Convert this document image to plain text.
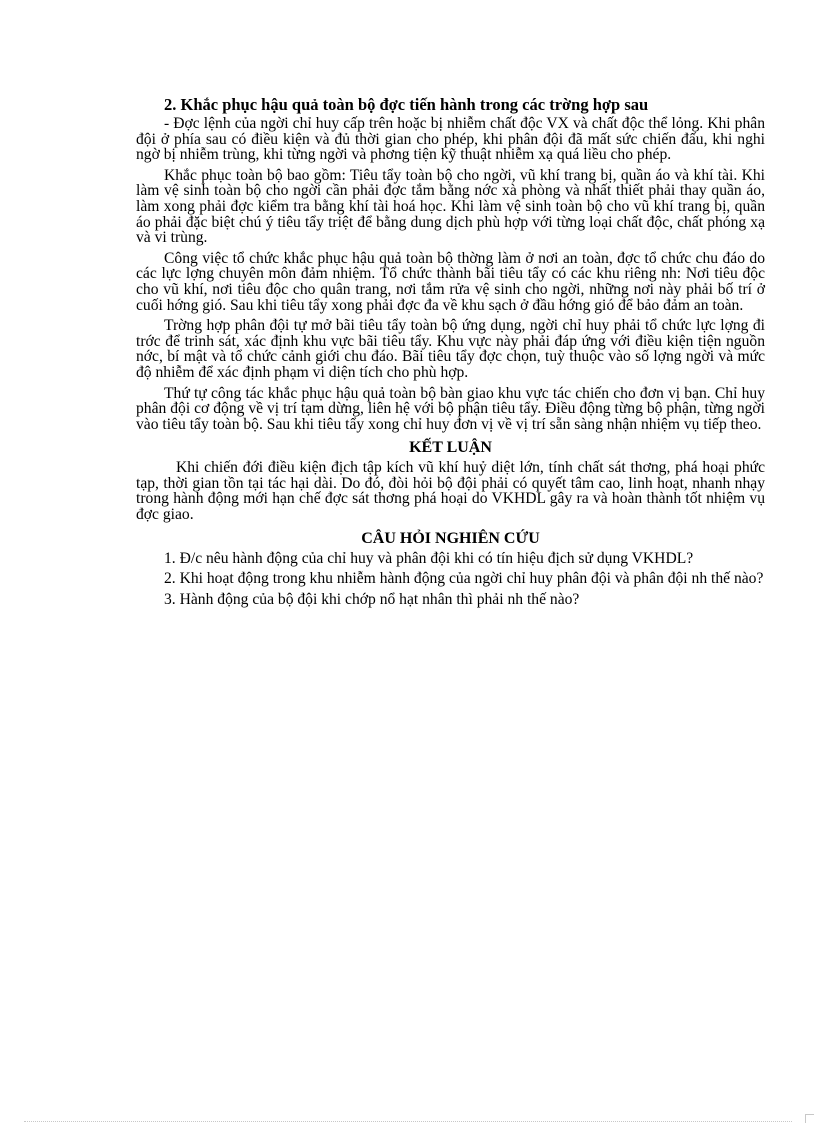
2. Khắc phục hậu quả toàn bộ đợc tiến hành trong các trờng hợp sau

- Đợc lệnh của ngời chỉ huy cấp trên hoặc bị nhiễm chất độc VX và chất độc thể lỏng. Khi phân đội ở phía sau có điều kiện và đủ thời gian cho phép, khi phân đội đã mất sức chiến đấu, khi nghi ngờ bị nhiễm trùng, khi từng ngời và phơng tiện kỹ thuật nhiễm xạ quá liều cho phép.

Khắc phục toàn bộ bao gồm: Tiêu tẩy toàn bộ cho ngời, vũ khí trang bị, quần áo và khí tài. Khi làm vệ sinh toàn bộ cho ngời cần phải đợc tắm bằng nớc xà phòng và nhất thiết phải thay quần áo, làm xong phải đợc kiểm tra bằng khí tài hoá học. Khi làm vệ sinh toàn bộ cho vũ khí trang bị, quần áo phải đặc biệt chú ý tiêu tẩy triệt để bằng dung dịch phù hợp với từng loại chất độc, chất phóng xạ và vi trùng.

Công việc tổ chức khắc phục hậu quả toàn bộ thờng làm ở nơi an toàn, đợc tổ chức chu đáo do các lực lợng chuyên môn đảm nhiệm. Tổ chức thành bãi tiêu tẩy có các khu riêng nh: Nơi tiêu độc cho vũ khí, nơi tiêu độc cho quân trang, nơi tắm rửa vệ sinh cho ngời, những nơi này phải bố trí ở cuối hớng gió. Sau khi tiêu tẩy xong phải đợc đa về khu sạch ở đầu hớng gió để bảo đảm an toàn.

Trờng hợp phân đội tự mở bãi tiêu tẩy toàn bộ ứng dụng, ngời chỉ huy phải tổ chức lực lợng đi trớc để trinh sát, xác định khu vực bãi tiêu tẩy. Khu vực này phải đáp ứng với điều kiện tiện nguồn nớc, bí mật và tổ chức cảnh giới chu đáo. Bãi tiêu tẩy đợc chọn, tuỳ thuộc vào số lợng ngời và mức độ nhiễm để xác định phạm vi diện tích cho phù hợp.

Thứ tự công tác khắc phục hậu quả toàn bộ bàn giao khu vực tác chiến cho đơn vị bạn. Chỉ huy phân đội cơ động về vị trí tạm dừng, liên hệ với bộ phận tiêu tẩy. Điều động từng bộ phận, từng ngời vào tiêu tẩy toàn bộ. Sau khi tiêu tẩy xong chỉ huy đơn vị về vị trí sẵn sàng nhận nhiệm vụ tiếp theo.

KẾT LUẬN

Khi chiến đới điều kiện địch tập kích vũ khí huỷ diệt lớn, tính chất sát thơng, phá hoại phức tạp, thời gian tồn tại tác hại dài. Do đó, đòi hỏi bộ đội phải có quyết tâm cao, linh hoạt, nhanh nhạy trong hành động mới hạn chế đợc sát thơng phá hoại do VKHDL gây ra và hoàn thành tốt nhiệm vụ đợc giao.

CÂU HỎI NGHIÊN CỨU

1. Đ/c nêu hành động của chỉ huy và phân đội khi có tín hiệu địch sử dụng VKHDL?

2. Khi hoạt động trong khu nhiễm hành động của ngời chỉ huy phân đội và phân đội nh thế nào?

3. Hành động của bộ đội khi chớp nổ hạt nhân thì phải nh thế nào?
